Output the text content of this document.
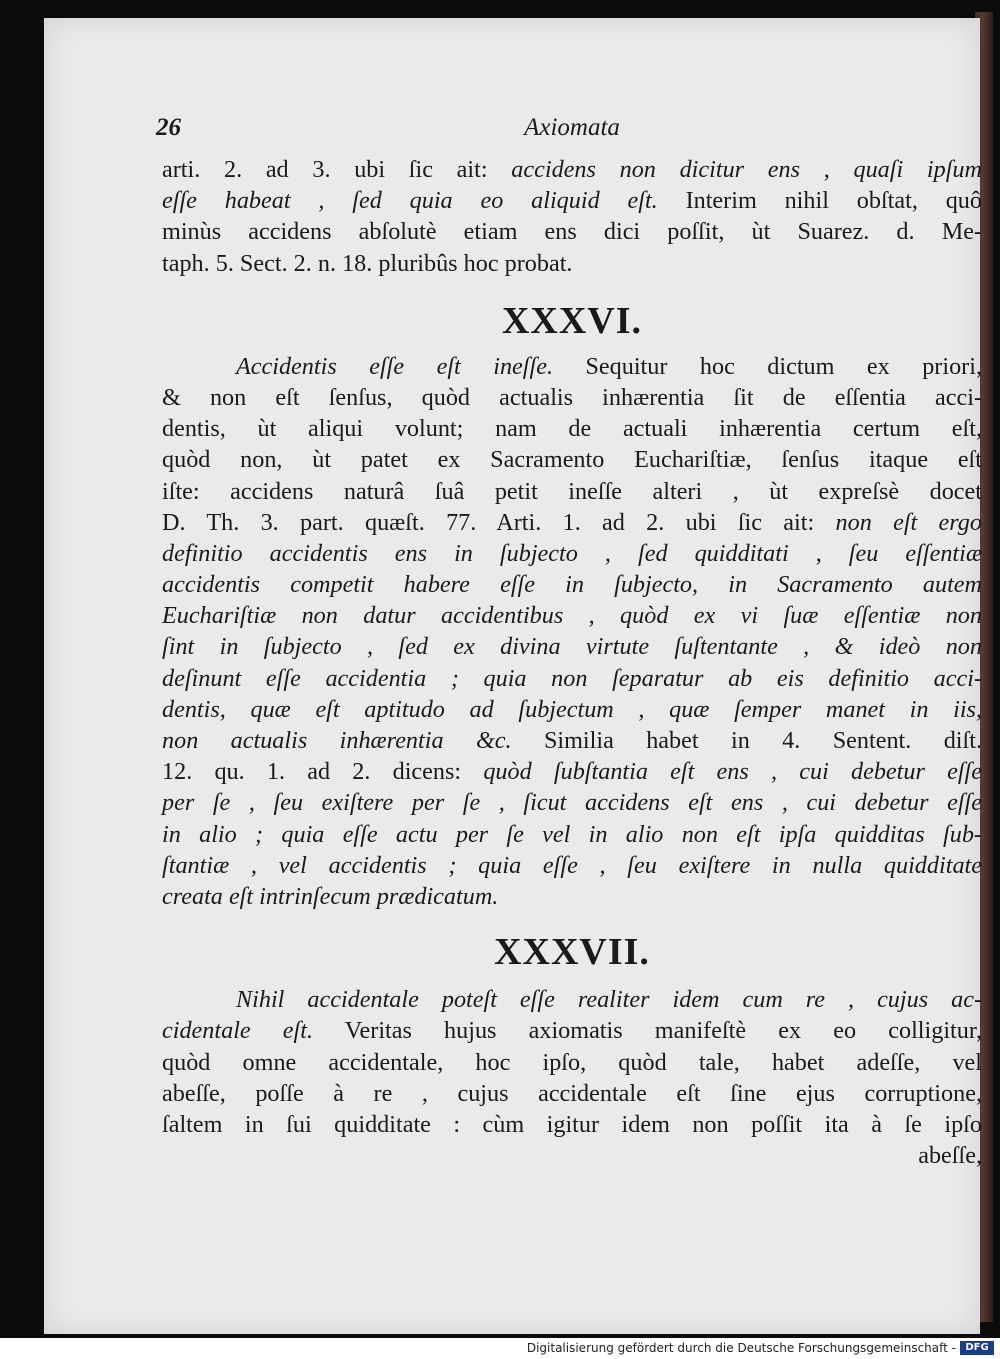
26	Axiomata
arti. 2. ad 3. ubi ſic ait: accidens non dicitur ens , quaſi ipſum
eſſe habeat , ſed quia eo aliquid eſt. Interim nihil obſtat, quô
minùs accidens abſolutè etiam ens dici poſſit, ùt Suarez. d. Me-
taph. 5. Sect. 2. n. 18. pluribûs hoc probat.
XXXVI.
Accidentis eſſe eſt ineſſe. Sequitur hoc dictum ex priori,
& non eſt ſenſus, quòd actualis inhærentia ſit de eſſentia acci-
dentis, ùt aliqui volunt; nam de actuali inhærentia certum eſt,
quòd non, ùt patet ex Sacramento Euchariſtiæ, ſenſus itaque eſt
iſte: accidens naturâ ſuâ petit ineſſe alteri , ùt expreſsè docet
D. Th. 3. part. quæſt. 77. Arti. 1. ad 2. ubi ſic ait: non eſt ergo
definitio accidentis ens in ſubjecto , ſed quidditati , ſeu eſſentiæ
accidentis competit habere eſſe in ſubjecto, in Sacramento autem
Euchariſtiæ non datur accidentibus , quòd ex vi ſuæ eſſentiæ non
ſint in ſubjecto , ſed ex divina virtute ſuſtentante , & ideò non
deſinunt eſſe accidentia ; quia non ſeparatur ab eis definitio acci-
dentis, quæ eſt aptitudo ad ſubjectum , quæ ſemper manet in iis,
non actualis inhærentia &c. Similia habet in 4. Sentent. diſt.
12. qu. 1. ad 2. dicens: quòd ſubſtantia eſt ens , cui debetur eſſe
per ſe , ſeu exiſtere per ſe , ſicut accidens eſt ens , cui debetur eſſe
in alio ; quia eſſe actu per ſe vel in alio non eſt ipſa quidditas ſub-
ſtantiæ , vel accidentis ; quia eſſe , ſeu exiſtere in nulla quidditate
creata eſt intrinſecum prædicatum.
XXXVII.
Nihil accidentale poteſt eſſe realiter idem cum re , cujus ac-
cidentale eſt. Veritas hujus axiomatis manifeſtè ex eo colligitur,
quòd omne accidentale, hoc ipſo, quòd tale, habet adeſſe, vel
abeſſe, poſſe à re , cujus accidentale eſt ſine ejus corruptione,
ſaltem in ſui quidditate : cùm igitur idem non poſſit ita à ſe ipſo
abeſſe,
Digitalisierung gefördert durch die Deutsche Forschungsgemeinschaft - DFG
